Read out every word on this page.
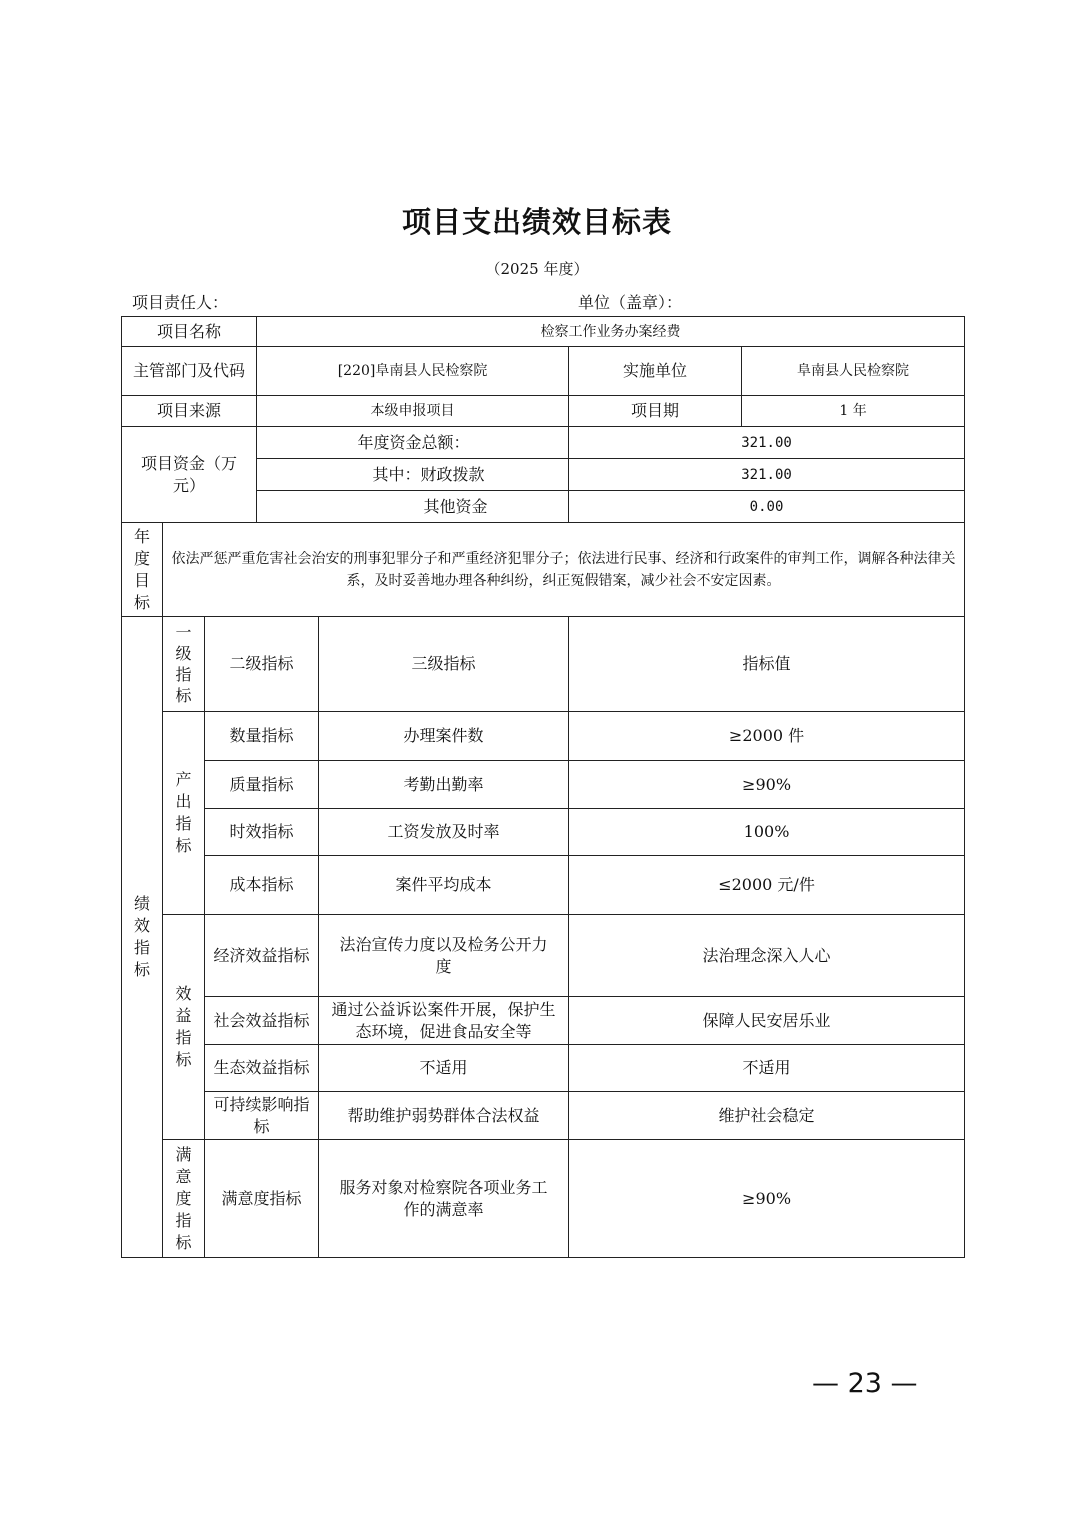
项目支出绩效目标表
（2025 年度）
项目责任人：	单位（盖章）：
项目名称			检察工作业务办案经费			
主管部门及代码			[220]阜南县人民检察院		实施单位	阜南县人民检察院
项目来源			本级申报项目		项目期	1 年
项目资金（万元）			年度资金总额：		321.00	
			其中：财政拨款		321.00	
			其他资金		0.00	

年度目标	依法严惩严重危害社会治安的刑事犯罪分子和严重经济犯罪分子；依法进行民事、经济和行政案件的审判工作，调解各种法律关系，及时妥善地办理各种纠纷，纠正冤假错案，减少社会不安定因素。					

绩效指标	一级指标	二级指标		三级指标	指标值	

	产出指标	数量指标		办理案件数	≥2000 件	
		质量指标		考勤出勤率	≥90%	
		时效指标		工资发放及时率	100%	
		成本指标		案件平均成本	≤2000 元/件	

	效益指标	经济效益指标		法治宣传力度以及检务公开力度	法治理念深入人心	
		社会效益指标		通过公益诉讼案件开展，保护生态环境，促进食品安全等	保障人民安居乐业	
		生态效益指标		不适用	不适用	
		可持续影响指标		帮助维护弱势群体合法权益	维护社会稳定	

	满意度指标	满意度指标		服务对象对检察院各项业务工作的满意率	≥90%	
— 23 —
